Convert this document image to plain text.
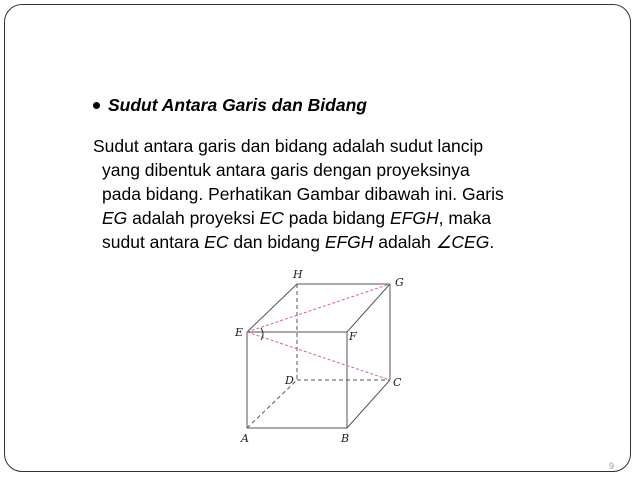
Sudut Antara Garis dan Bidang
Sudut antara garis dan bidang adalah sudut lancip
yang dibentuk antara garis dengan proyeksinya
pada bidang. Perhatikan Gambar dibawah ini. Garis
EG adalah proyeksi EC pada bidang EFGH, maka
sudut antara EC dan bidang EFGH adalah ∠CEG.
H
G
E	F
D	C
A	B
9
